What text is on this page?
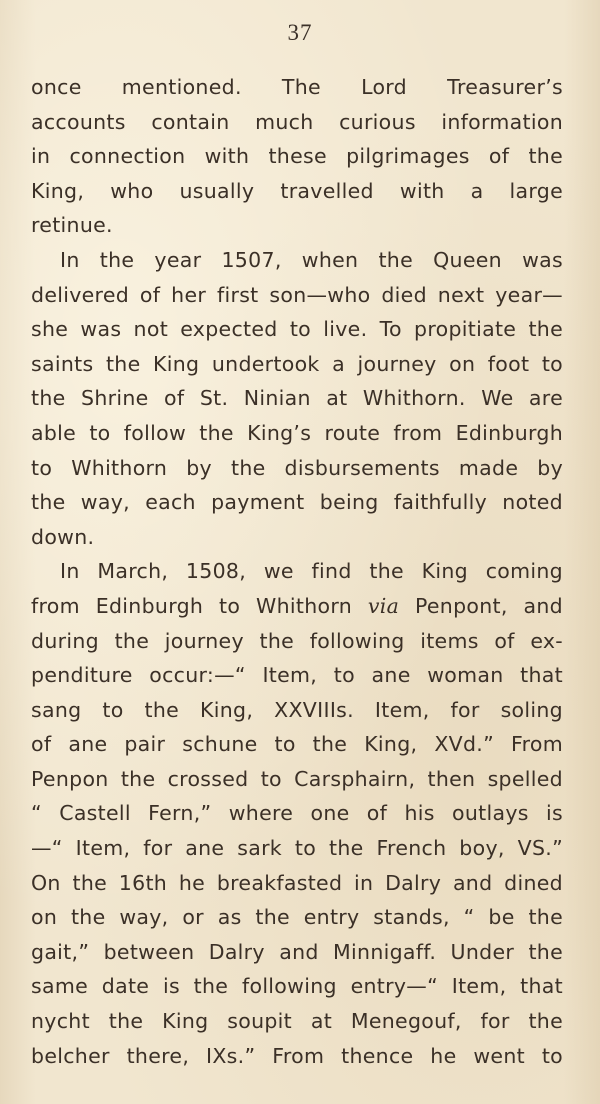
37
once mentioned. The Lord Treasurer’s
accounts contain much curious information
in connection with these pilgrimages of the
King, who usually travelled with a large
retinue.
In the year 1507, when the Queen was
delivered of her first son—who died next year—
she was not expected to live. To propitiate the
saints the King undertook a journey on foot to
the Shrine of St. Ninian at Whithorn. We are
able to follow the King’s route from Edinburgh
to Whithorn by the disbursements made by
the way, each payment being faithfully noted
down.
In March, 1508, we find the King coming
from Edinburgh to Whithorn via Penpont, and
during the journey the following items of ex-
penditure occur:—“ Item, to ane woman that
sang to the King, XXVIIIs. Item, for soling
of ane pair schune to the King, XVd.” From
Penpon the crossed to Carsphairn, then spelled
“ Castell Fern,” where one of his outlays is
—“ Item, for ane sark to the French boy, VS.”
On the 16th he breakfasted in Dalry and dined
on the way, or as the entry stands, “ be the
gait,” between Dalry and Minnigaff. Under the
same date is the following entry—“ Item, that
nycht the King soupit at Menegouf, for the
belcher there, IXs.” From thence he went to
